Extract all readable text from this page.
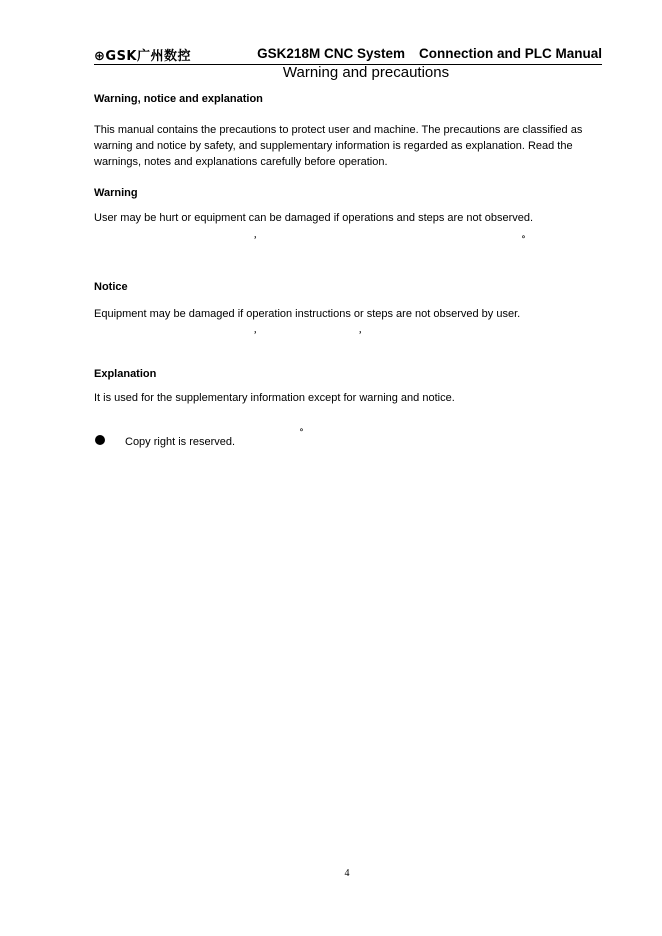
⊕GSK广州数控	GSK218M CNC System Connection and PLC Manual
Warning and precautions
Warning, notice and explanation
This manual contains the precautions to protect user and machine. The precautions are classified as warning and notice by safety, and supplementary information is regarded as explanation. Read the warnings, notes and explanations carefully before operation.
Warning
User may be hurt or equipment can be damaged if operations and steps are not observed.
，	。
Notice
Equipment may be damaged if operation instructions or steps are not observed by user.
，	，
Explanation
It is used for the supplementary information except for warning and notice.
。
Copy right is reserved.
4
